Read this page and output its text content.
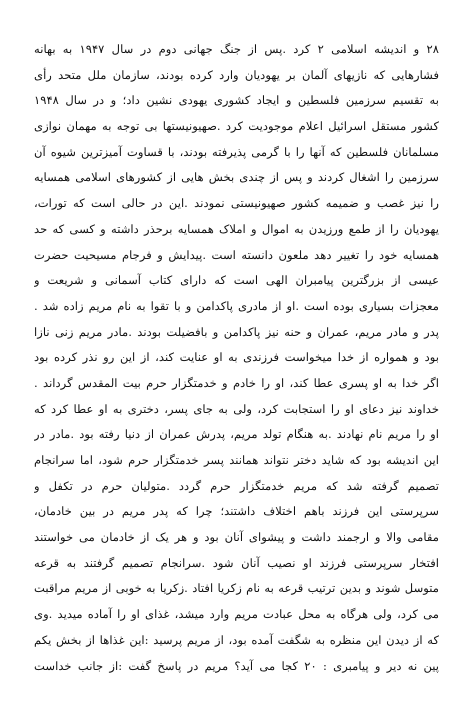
۲۸ و اندیشه اسلامی ۲ کرد .پس از جنگ جهانی دوم در سال ۱۹۴۷ به بهانه
فشارهایی که نازیهای آلمان بر یهودیان وارد کرده بودند، سازمان ملل متحد رأی
به تقسیم سرزمین فلسطین و ایجاد کشوری یهودی نشین داد؛ و در سال ۱۹۴۸
کشور مستقل اسرائیل اعلام موجودیت کرد .صهیونیستها بی توجه به مهمان نوازی
مسلمانان فلسطین که آنها را با گرمی پذیرفته بودند، با قساوت آمیزترین شیوه آن
سرزمین را اشغال کردند و پس از چندی بخش هایی از کشورهای اسلامی همسایه
را نیز غصب و ضمیمه کشور صهیونیستی نمودند .این در حالی است که تورات،
یهودیان را از طمع ورزیدن به اموال و املاک همسایه برحذر داشته و کسی که حد
همسایه خود را تغییر دهد ملعون دانسته است .پیدایش و فرجام مسیحیت حضرت
عیسی از بزرگترین پیامبران الهی است که دارای کتاب آسمانی و شریعت و
معجزات بسیاری بوده است .او از مادری پاکدامن و با تقوا به نام مریم زاده شد .
پدر و مادر مریم، عمران و حنه نیز پاکدامن و بافضیلت بودند .مادر مریم زنی نازا
بود و همواره از خدا میخواست فرزندی به او عنایت کند، از این رو نذر کرده بود
اگر خدا به او پسری عطا کند، او را خادم و خدمتگزار حرم بیت المقدس گرداند .
خداوند نیز دعای او را استجابت کرد، ولی به جای پسر، دختری به او عطا کرد که
او را مریم نام نهادند .به هنگام تولد مریم، پدرش عمران از دنیا رفته بود .مادر در
این اندیشه بود که شاید دختر نتواند همانند پسر خدمتگزار حرم شود، اما سرانجام
تصمیم گرفته شد که مریم خدمتگزار حرم گردد .متولیان حرم در تکفل و
سرپرستی این فرزند باهم اختلاف داشتند؛ چرا که پدر مریم در بین خادمان،
مقامی والا و ارجمند داشت و پیشوای آنان بود و هر یک از خادمان می خواستند
افتخار سرپرستی فرزند او نصیب آنان شود .سرانجام تصمیم گرفتند به قرعه
متوسل شوند و بدین ترتیب قرعه به نام زکریا افتاد .زکریا به خوبی از مریم مراقبت
می کرد، ولی هرگاه به محل عبادت مریم وارد میشد، غذای او را آماده میدید .وی
که از دیدن این منظره به شگفت آمده بود، از مریم پرسید :این غذاها از بخش یکم
پین نه دیر و پیامبری : ۲۰ کجا می آید؟ مریم در پاسخ گفت :از جانب خداست
